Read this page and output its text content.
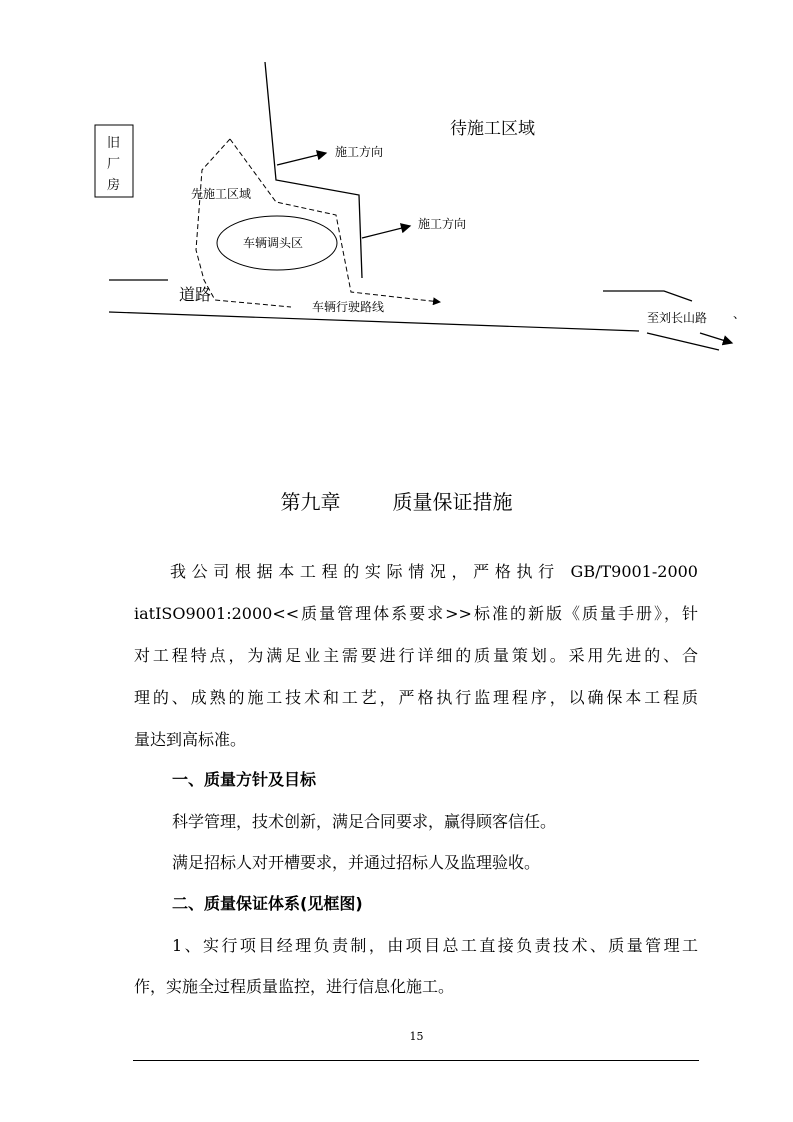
旧
厂
房
待施工区域
施工方向
施工方向
先施工区域
车辆调头区
道路
车辆行驶路线
至刘长山路 、
第九章	质量保证措施
我公司根据本工程的实际情况，严格执行 GB/T9001-2000
iatISO9001:2000<<质量管理体系要求>>标准的新版《质量手册》，针
对工程特点，为满足业主需要进行详细的质量策划。采用先进的、合
理的、成熟的施工技术和工艺，严格执行监理程序，以确保本工程质
量达到高标准。
一、质量方针及目标
科学管理，技术创新，满足合同要求，赢得顾客信任。
满足招标人对开槽要求，并通过招标人及监理验收。
二、质量保证体系(见框图)
1、实行项目经理负责制，由项目总工直接负责技术、质量管理工
作，实施全过程质量监控，进行信息化施工。
15
